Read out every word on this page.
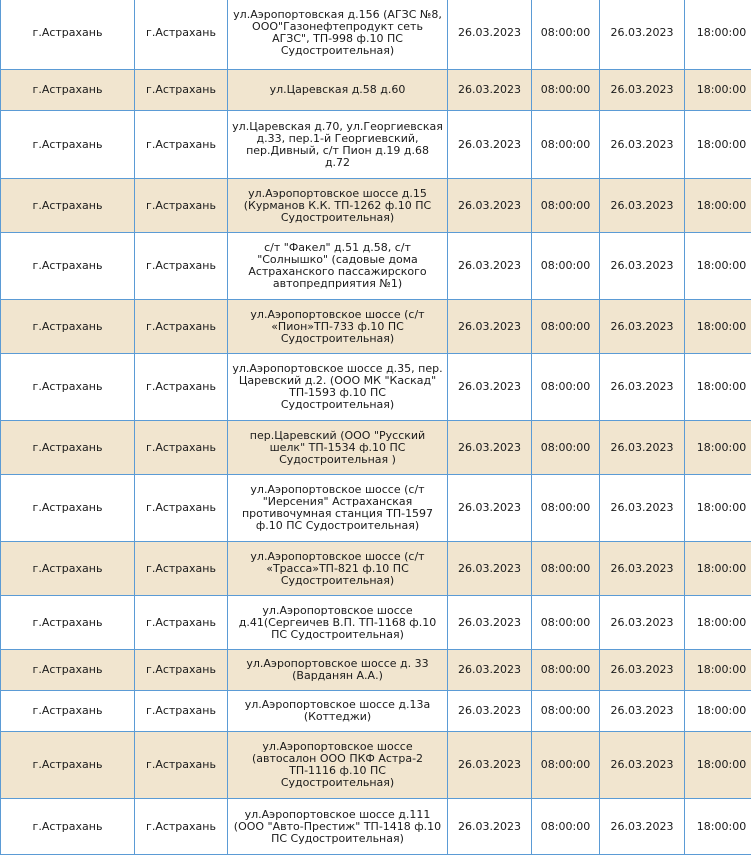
г.Астрахань	г.Астрахань	ул.Аэропортовская д.156 (АГЗС №8, ООО"Газонефтепродукт сеть АГЗС", ТП-998 ф.10 ПС Судостроительная)	26.03.2023	08:00:00	26.03.2023	18:00:00
г.Астрахань	г.Астрахань	ул.Царевская д.58 д.60	26.03.2023	08:00:00	26.03.2023	18:00:00
г.Астрахань	г.Астрахань	ул.Царевская д.70, ул.Георгиевская д.33, пер.1-й Георгиевский, пер.Дивный, с/т Пион д.19 д.68 д.72	26.03.2023	08:00:00	26.03.2023	18:00:00
г.Астрахань	г.Астрахань	ул.Аэропортовское шоссе д.15 (Курманов К.К. ТП-1262 ф.10 ПС Судостроительная)	26.03.2023	08:00:00	26.03.2023	18:00:00
г.Астрахань	г.Астрахань	с/т "Факел" д.51 д.58, с/т "Солнышко" (садовые дома Астраханского пассажирского автопредприятия №1)	26.03.2023	08:00:00	26.03.2023	18:00:00
г.Астрахань	г.Астрахань	ул.Аэропортовское шоссе (с/т «Пион»ТП-733 ф.10 ПС Судостроительная)	26.03.2023	08:00:00	26.03.2023	18:00:00
г.Астрахань	г.Астрахань	ул.Аэропортовское шоссе д.35, пер. Царевский д.2. (ООО МК "Каскад" ТП-1593 ф.10 ПС Судостроительная)	26.03.2023	08:00:00	26.03.2023	18:00:00
г.Астрахань	г.Астрахань	пер.Царевский (ООО "Русский шелк" ТП-1534 ф.10 ПС Судостроительная )	26.03.2023	08:00:00	26.03.2023	18:00:00
г.Астрахань	г.Астрахань	ул.Аэропортовское шоссе (с/т "Иерсения" Астраханская противочумная станция ТП-1597 ф.10 ПС Судостроительная)	26.03.2023	08:00:00	26.03.2023	18:00:00
г.Астрахань	г.Астрахань	ул.Аэропортовское шоссе (с/т «Трасса»ТП-821 ф.10 ПС Судостроительная)	26.03.2023	08:00:00	26.03.2023	18:00:00
г.Астрахань	г.Астрахань	ул.Аэропортовское шоссе д.41(Сергеичев В.П. ТП-1168 ф.10 ПС Судостроительная)	26.03.2023	08:00:00	26.03.2023	18:00:00
г.Астрахань	г.Астрахань	ул.Аэропортовское шоссе д. 33 (Варданян А.А.)	26.03.2023	08:00:00	26.03.2023	18:00:00
г.Астрахань	г.Астрахань	ул.Аэропортовское шоссе д.13а (Коттеджи)	26.03.2023	08:00:00	26.03.2023	18:00:00
г.Астрахань	г.Астрахань	ул.Аэропортовское шоссе (автосалон ООО ПКФ Астра-2 ТП-1116 ф.10 ПС Судостроительная)	26.03.2023	08:00:00	26.03.2023	18:00:00
г.Астрахань	г.Астрахань	ул.Аэропортовское шоссе д.111 (ООО "Авто-Престиж" ТП-1418 ф.10 ПС Судостроительная)	26.03.2023	08:00:00	26.03.2023	18:00:00
